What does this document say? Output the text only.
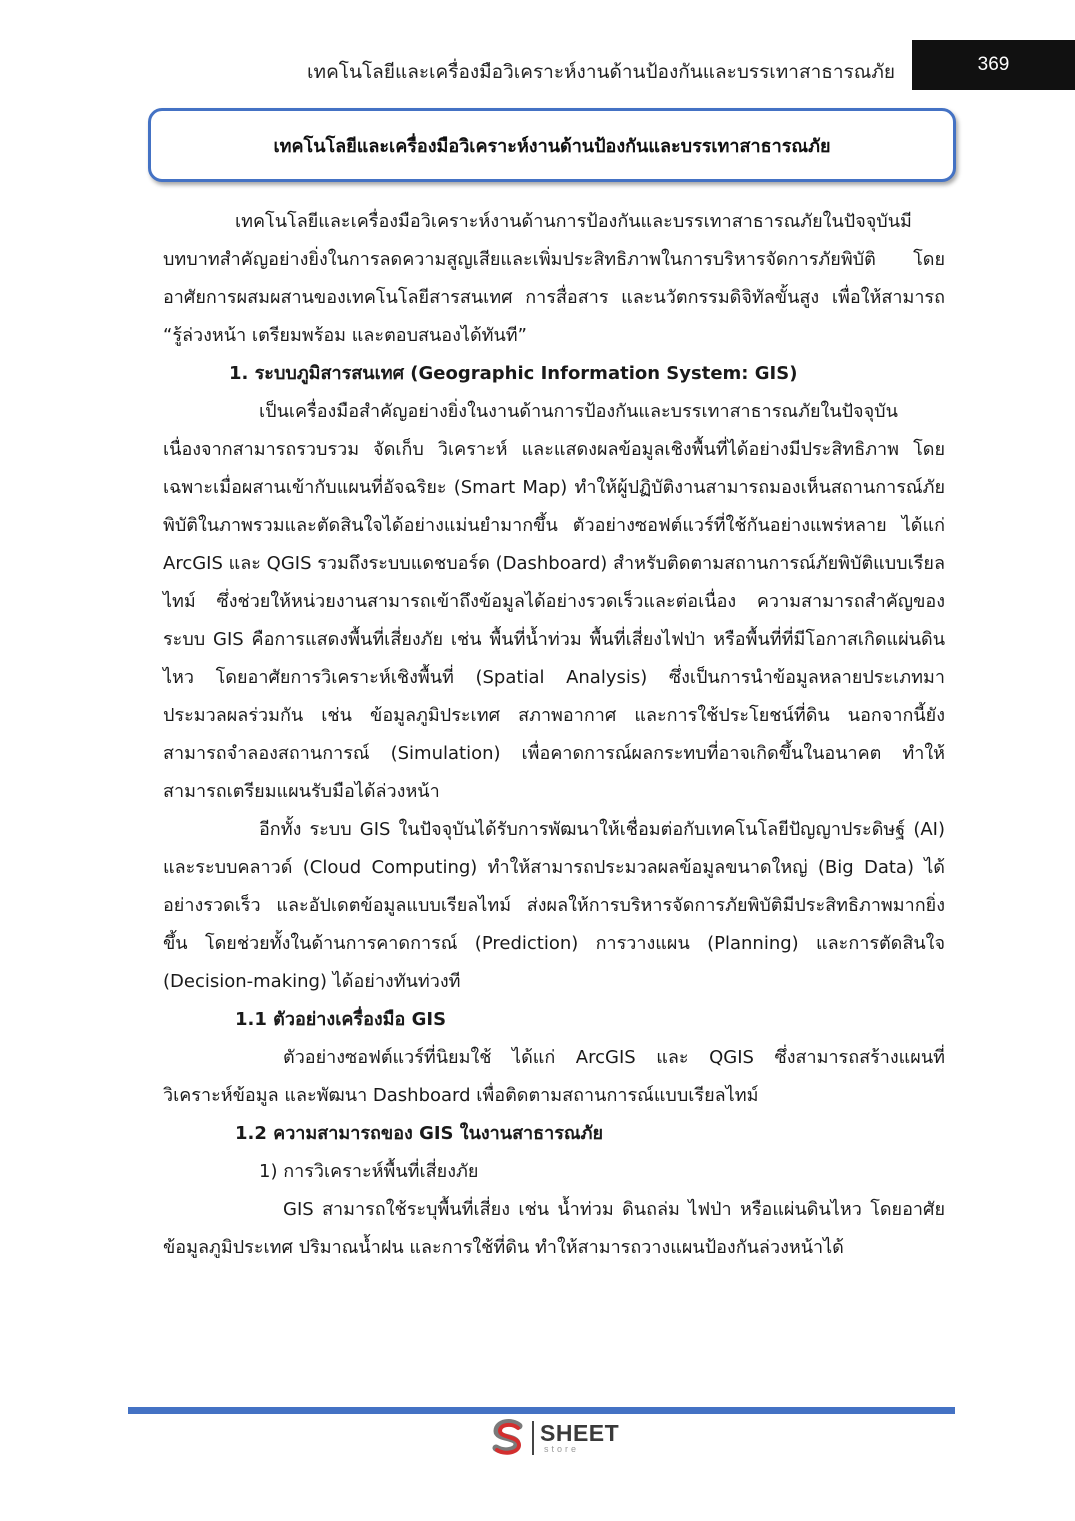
เทคโนโลยีและเครื่องมือวิเคราะห์งานด้านป้องกันและบรรเทาสาธารณภัย	369
เทคโนโลยีและเครื่องมือวิเคราะห์งานด้านป้องกันและบรรเทาสาธารณภัย

เทคโนโลยีและเครื่องมือวิเคราะห์งานด้านการป้องกันและบรรเทาสาธารณภัยในปัจจุบันมีบทบาทสำคัญอย่างยิ่งในการลดความสูญเสียและเพิ่มประสิทธิภาพในการบริหารจัดการภัยพิบัติ โดยอาศัยการผสมผสานของเทคโนโลยีสารสนเทศ การสื่อสาร และนวัตกรรมดิจิทัลขั้นสูง เพื่อให้สามารถ “รู้ล่วงหน้า เตรียมพร้อม และตอบสนองได้ทันที”

1. ระบบภูมิสารสนเทศ (Geographic Information System: GIS)

เป็นเครื่องมือสำคัญอย่างยิ่งในงานด้านการป้องกันและบรรเทาสาธารณภัยในปัจจุบันเนื่องจากสามารถรวบรวม จัดเก็บ วิเคราะห์ และแสดงผลข้อมูลเชิงพื้นที่ได้อย่างมีประสิทธิภาพ โดยเฉพาะเมื่อผสานเข้ากับแผนที่อัจฉริยะ (Smart Map) ทำให้ผู้ปฏิบัติงานสามารถมองเห็นสถานการณ์ภัยพิบัติในภาพรวมและตัดสินใจได้อย่างแม่นยำมากขึ้น ตัวอย่างซอฟต์แวร์ที่ใช้กันอย่างแพร่หลาย ได้แก่ ArcGIS และ QGIS รวมถึงระบบแดชบอร์ด (Dashboard) สำหรับติดตามสถานการณ์ภัยพิบัติแบบเรียลไทม์ ซึ่งช่วยให้หน่วยงานสามารถเข้าถึงข้อมูลได้อย่างรวดเร็วและต่อเนื่อง ความสามารถสำคัญของระบบ GIS คือการแสดงพื้นที่เสี่ยงภัย เช่น พื้นที่น้ำท่วม พื้นที่เสี่ยงไฟป่า หรือพื้นที่ที่มีโอกาสเกิดแผ่นดินไหว โดยอาศัยการวิเคราะห์เชิงพื้นที่ (Spatial Analysis) ซึ่งเป็นการนำข้อมูลหลายประเภทมาประมวลผลร่วมกัน เช่น ข้อมูลภูมิประเทศ สภาพอากาศ และการใช้ประโยชน์ที่ดิน นอกจากนี้ยังสามารถจำลองสถานการณ์ (Simulation) เพื่อคาดการณ์ผลกระทบที่อาจเกิดขึ้นในอนาคต ทำให้สามารถเตรียมแผนรับมือได้ล่วงหน้า

อีกทั้ง ระบบ GIS ในปัจจุบันได้รับการพัฒนาให้เชื่อมต่อกับเทคโนโลยีปัญญาประดิษฐ์ (AI) และระบบคลาวด์ (Cloud Computing) ทำให้สามารถประมวลผลข้อมูลขนาดใหญ่ (Big Data) ได้อย่างรวดเร็ว และอัปเดตข้อมูลแบบเรียลไทม์ ส่งผลให้การบริหารจัดการภัยพิบัติมีประสิทธิภาพมากยิ่งขึ้น โดยช่วยทั้งในด้านการคาดการณ์ (Prediction) การวางแผน (Planning) และการตัดสินใจ (Decision-making) ได้อย่างทันท่วงที

1.1 ตัวอย่างเครื่องมือ GIS

ตัวอย่างซอฟต์แวร์ที่นิยมใช้ ได้แก่ ArcGIS และ QGIS ซึ่งสามารถสร้างแผนที่ วิเคราะห์ข้อมูล และพัฒนา Dashboard เพื่อติดตามสถานการณ์แบบเรียลไทม์

1.2 ความสามารถของ GIS ในงานสาธารณภัย

1) การวิเคราะห์พื้นที่เสี่ยงภัย

GIS สามารถใช้ระบุพื้นที่เสี่ยง เช่น น้ำท่วม ดินถล่ม ไฟป่า หรือแผ่นดินไหว โดยอาศัยข้อมูลภูมิประเทศ ปริมาณน้ำฝน และการใช้ที่ดิน ทำให้สามารถวางแผนป้องกันล่วงหน้าได้

SHEET
store
